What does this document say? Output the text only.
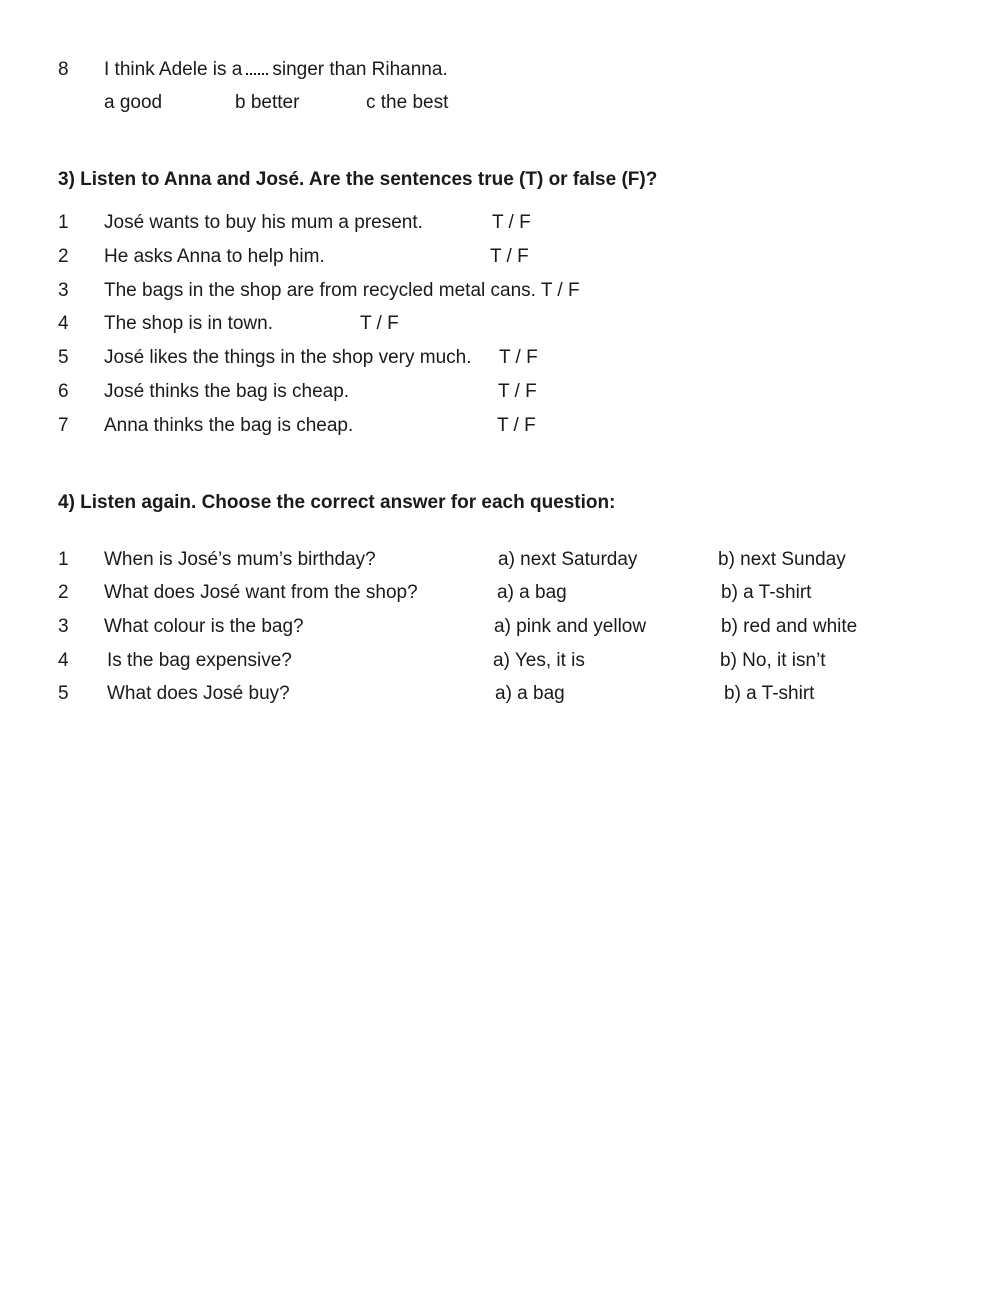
8 I think Adele is a singer than Rihanna.
a good	b better	c the best
3) Listen to Anna and José. Are the sentences true (T) or false (F)?
1 José wants to buy his mum a present.	T / F
2 He asks Anna to help him.	T / F
3 The bags in the shop are from recycled metal cans. T / F
4 The shop is in town.	T / F
5 José likes the things in the shop very much. T / F
6 José thinks the bag is cheap.	T / F
7 Anna thinks the bag is cheap.	T / F
4) Listen again. Choose the correct answer for each question:
1 When is José’s mum’s birthday?	a) next Saturday	b) next Sunday
2 What does José want from the shop?	a) a bag	b) a T-shirt
3 What colour is the bag?	a) pink and yellow	b) red and white
4 Is the bag expensive?	a) Yes, it is	b) No, it isn’t
5 What does José buy?	a) a bag	b) a T-shirt
